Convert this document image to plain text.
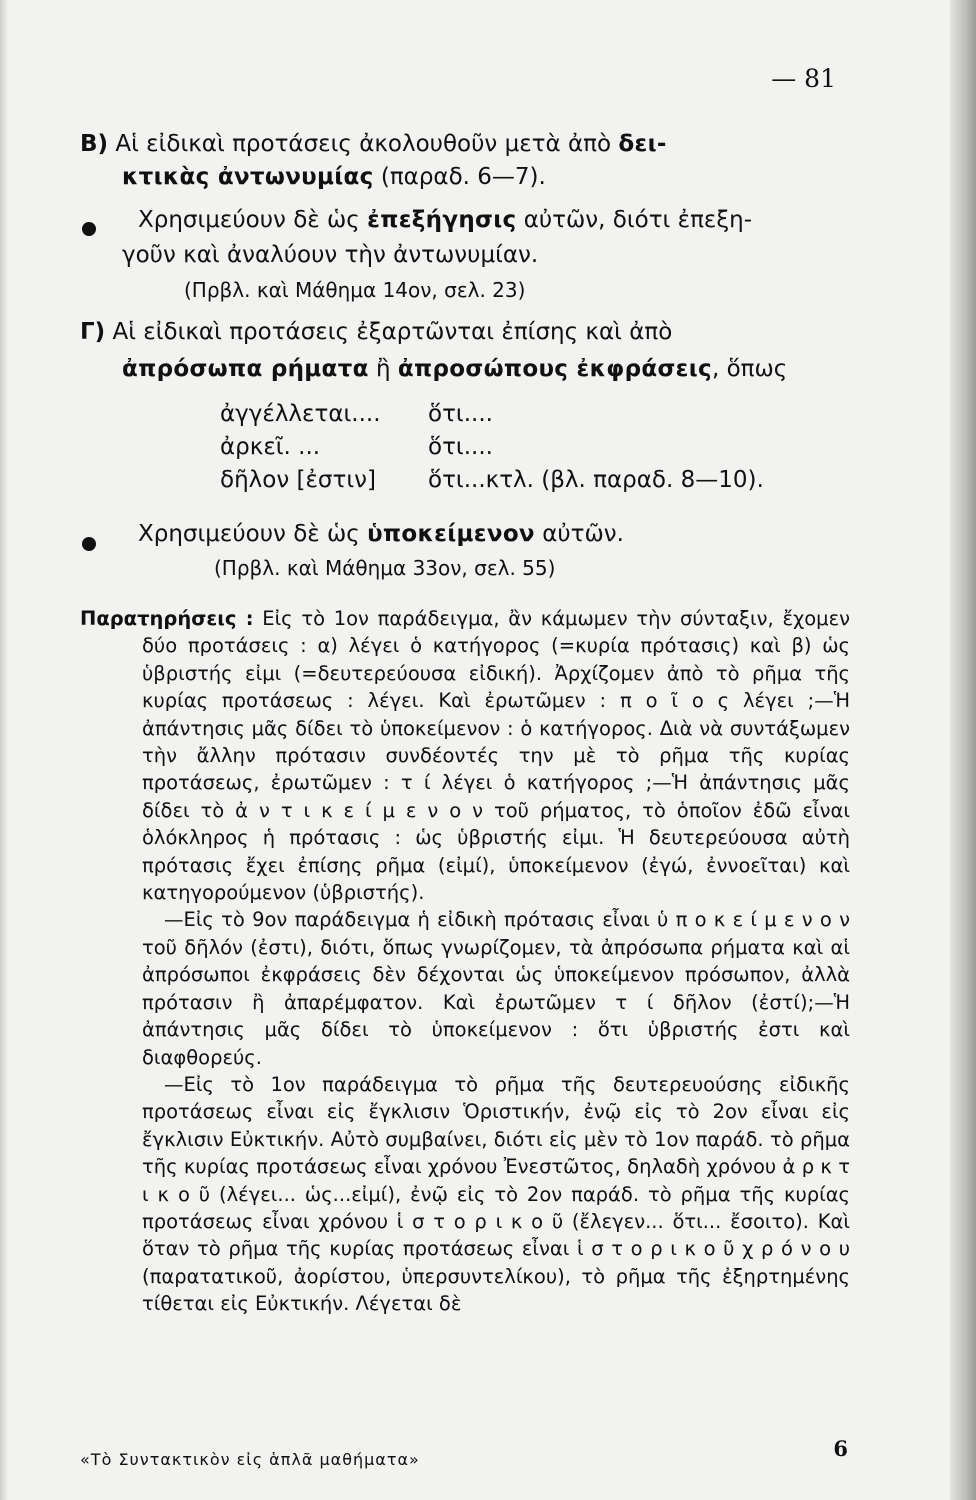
— 81
B) Αἱ εἰδικαὶ προτάσεις ἀκολουθοῦν μετὰ ἀπὸ δει-
κτικὰς ἀντωνυμίας (παραδ. 6—7).
Χρησιμεύουν δὲ ὡς ἐπεξήγησις αὐτῶν, διότι ἐπεξη-
γοῦν καὶ ἀναλύουν τὴν ἀντωνυμίαν.
(Πρβλ. καὶ Μάθημα 14ον, σελ. 23)
Γ) Αἱ εἰδικαὶ προτάσεις ἐξαρτῶνται ἐπίσης καὶ ἀπὸ
ἀπρόσωπα ρήματα ἢ ἀπροσώπους ἐκφράσεις, ὅπως
ἀγγέλλεται....	ὅτι....
ἀρκεῖ. ...	ὅτι....
δῆλον [ἐστιν]	ὅτι...κτλ. (βλ. παραδ. 8—10).
Χρησιμεύουν δὲ ὡς ὑποκείμενον αὐτῶν.
(Πρβλ. καὶ Μάθημα 33ον, σελ. 55)

Παρατηρήσεις : Εἰς τὸ 1ον παράδειγμα, ἂν κάμωμεν τὴν σύνταξιν, ἔχομεν δύο προτάσεις : α) λέγει ὁ κατήγορος (=κυρία πρότασις) καὶ β) ὡς ὑβριστής εἰμι (=δευτερεύουσα εἰδική). Ἀρχίζομεν ἀπὸ τὸ ρῆμα τῆς κυρίας προτάσεως : λέγει. Καὶ ἐρωτῶμεν : π ο ῖ ο ς λέγει ;—Ἡ ἀπάντησις μᾶς δίδει τὸ ὑποκείμενον : ὁ κατήγορος. Διὰ νὰ συντάξωμεν τὴν ἄλλην πρότασιν συνδέοντές την μὲ τὸ ρῆμα τῆς κυρίας προτάσεως, ἐρωτῶμεν : τ ί λέγει ὁ κατήγορος ;—Ἡ ἀπάντησις μᾶς δίδει τὸ ἀ ν τ ι κ ε ί μ ε ν ο ν τοῦ ρήματος, τὸ ὁποῖον ἐδῶ εἶναι ὁλόκληρος ἡ πρότασις : ὡς ὑβριστής εἰμι. Ἡ δευτερεύουσα αὐτὴ πρότασις ἔχει ἐπίσης ρῆμα (εἰμί), ὑποκείμενον (ἐγώ, ἐννοεῖται) καὶ κατηγορούμενον (ὑβριστής).

—Εἰς τὸ 9ον παράδειγμα ἡ εἰδικὴ πρότασις εἶναι ὑ π ο κ ε ί μ ε ν ο ν τοῦ δῆλόν (ἐστι), διότι, ὅπως γνωρίζομεν, τὰ ἀπρόσωπα ρήματα καὶ αἱ ἀπρόσωποι ἐκφράσεις δὲν δέχονται ὡς ὑποκείμενον πρόσωπον, ἀλλὰ πρότασιν ἢ ἀπαρέμφατον. Καὶ ἐρωτῶμεν τ ί δῆλον (ἐστί);—Ἡ ἀπάντησις μᾶς δίδει τὸ ὑποκείμενον : ὅτι ὑβριστής ἐστι καὶ διαφθορεύς.

—Εἰς τὸ 1ον παράδειγμα τὸ ρῆμα τῆς δευτερευούσης εἰδικῆς προτάσεως εἶναι εἰς ἔγκλισιν Ὁριστικήν, ἐνῷ εἰς τὸ 2ον εἶναι εἰς ἔγκλισιν Εὐκτικήν. Αὐτὸ συμβαίνει, διότι εἰς μὲν τὸ 1ον παράδ. τὸ ρῆμα τῆς κυρίας προτάσεως εἶναι χρόνου Ἐνεστῶτος, δηλαδὴ χρόνου ἀ ρ κ τ ι κ ο ῦ (λέγει... ὡς...εἰμί), ἐνῷ εἰς τὸ 2ον παράδ. τὸ ρῆμα τῆς κυρίας προτάσεως εἶναι χρόνου ἱ σ τ ο ρ ι κ ο ῦ (ἔλεγεν... ὅτι... ἔσοιτο). Καὶ ὅταν τὸ ρῆμα τῆς κυρίας προτάσεως εἶναι ἱ σ τ ο ρ ι κ ο ῦ χ ρ ό ν ο υ (παρατατικοῦ, ἀορίστου, ὑπερσυντελίκου), τὸ ρῆμα τῆς ἐξηρτημένης τίθεται εἰς Εὐκτικήν. Λέγεται δὲ

«Τὸ Συντακτικὸν εἰς ἁπλᾶ μαθήματα»	6
